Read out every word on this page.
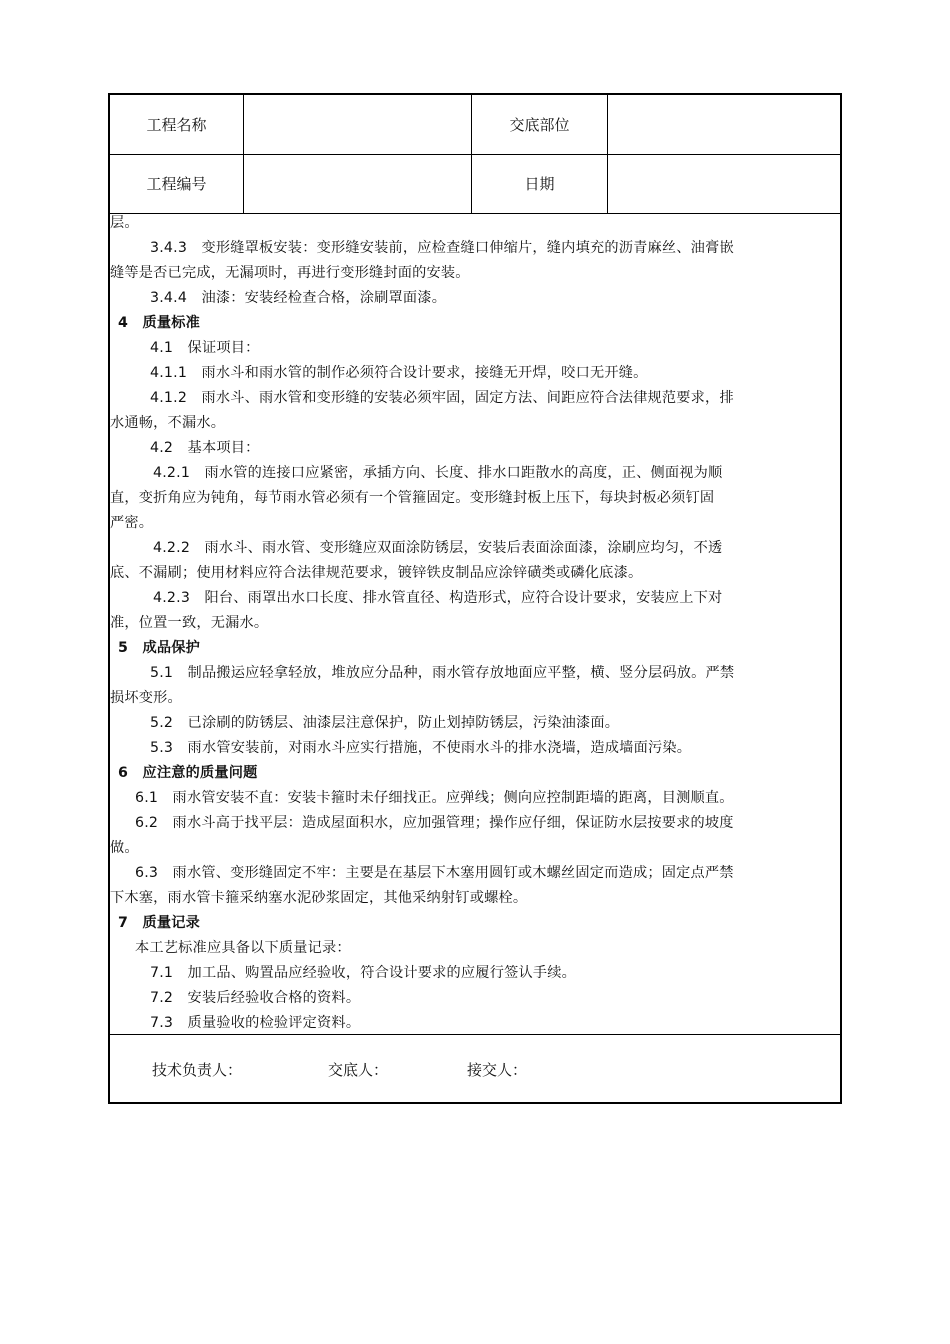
工程名称	交底部位
工程编号	日期
层。
3.4.3　变形缝罩板安装：变形缝安装前，应检查缝口伸缩片，缝内填充的沥青麻丝、油膏嵌
缝等是否已完成，无漏项时，再进行变形缝封面的安装。
3.4.4　油漆：安装经检查合格，涂刷罩面漆。
4　质量标准
4.1　保证项目：
4.1.1　雨水斗和雨水管的制作必须符合设计要求，接缝无开焊，咬口无开缝。
4.1.2　雨水斗、雨水管和变形缝的安装必须牢固，固定方法、间距应符合法律规范要求，排
水通畅，不漏水。
4.2　基本项目：
4.2.1　雨水管的连接口应紧密，承插方向、长度、排水口距散水的高度，正、侧面视为顺
直，变折角应为钝角，每节雨水管必须有一个管箍固定。变形缝封板上压下，每块封板必须钉固
严密。
4.2.2　雨水斗、雨水管、变形缝应双面涂防锈层，安装后表面涂面漆，涂刷应均匀，不透
底、不漏刷；使用材料应符合法律规范要求，镀锌铁皮制品应涂锌磺类或磷化底漆。
4.2.3　阳台、雨罩出水口长度、排水管直径、构造形式，应符合设计要求，安装应上下对
准，位置一致，无漏水。
5　成品保护
5.1　制品搬运应轻拿轻放，堆放应分品种，雨水管存放地面应平整，横、竖分层码放。严禁
损坏变形。
5.2　已涂刷的防锈层、油漆层注意保护，防止划掉防锈层，污染油漆面。
5.3　雨水管安装前，对雨水斗应实行措施，不使雨水斗的排水浇墙，造成墙面污染。
6　应注意的质量问题
6.1　雨水管安装不直：安装卡箍时未仔细找正。应弹线；侧向应控制距墙的距离，目测顺直。
6.2　雨水斗高于找平层：造成屋面积水，应加强管理；操作应仔细，保证防水层按要求的坡度
做。
6.3　雨水管、变形缝固定不牢：主要是在基层下木塞用圆钉或木螺丝固定而造成；固定点严禁
下木塞，雨水管卡箍采纳塞水泥砂浆固定，其他采纳射钉或螺栓。
7　质量记录
本工艺标准应具备以下质量记录：
7.1　加工品、购置品应经验收，符合设计要求的应履行签认手续。
7.2　安装后经验收合格的资料。
7.3　质量验收的检验评定资料。
技术负责人：	交底人：	接交人：
